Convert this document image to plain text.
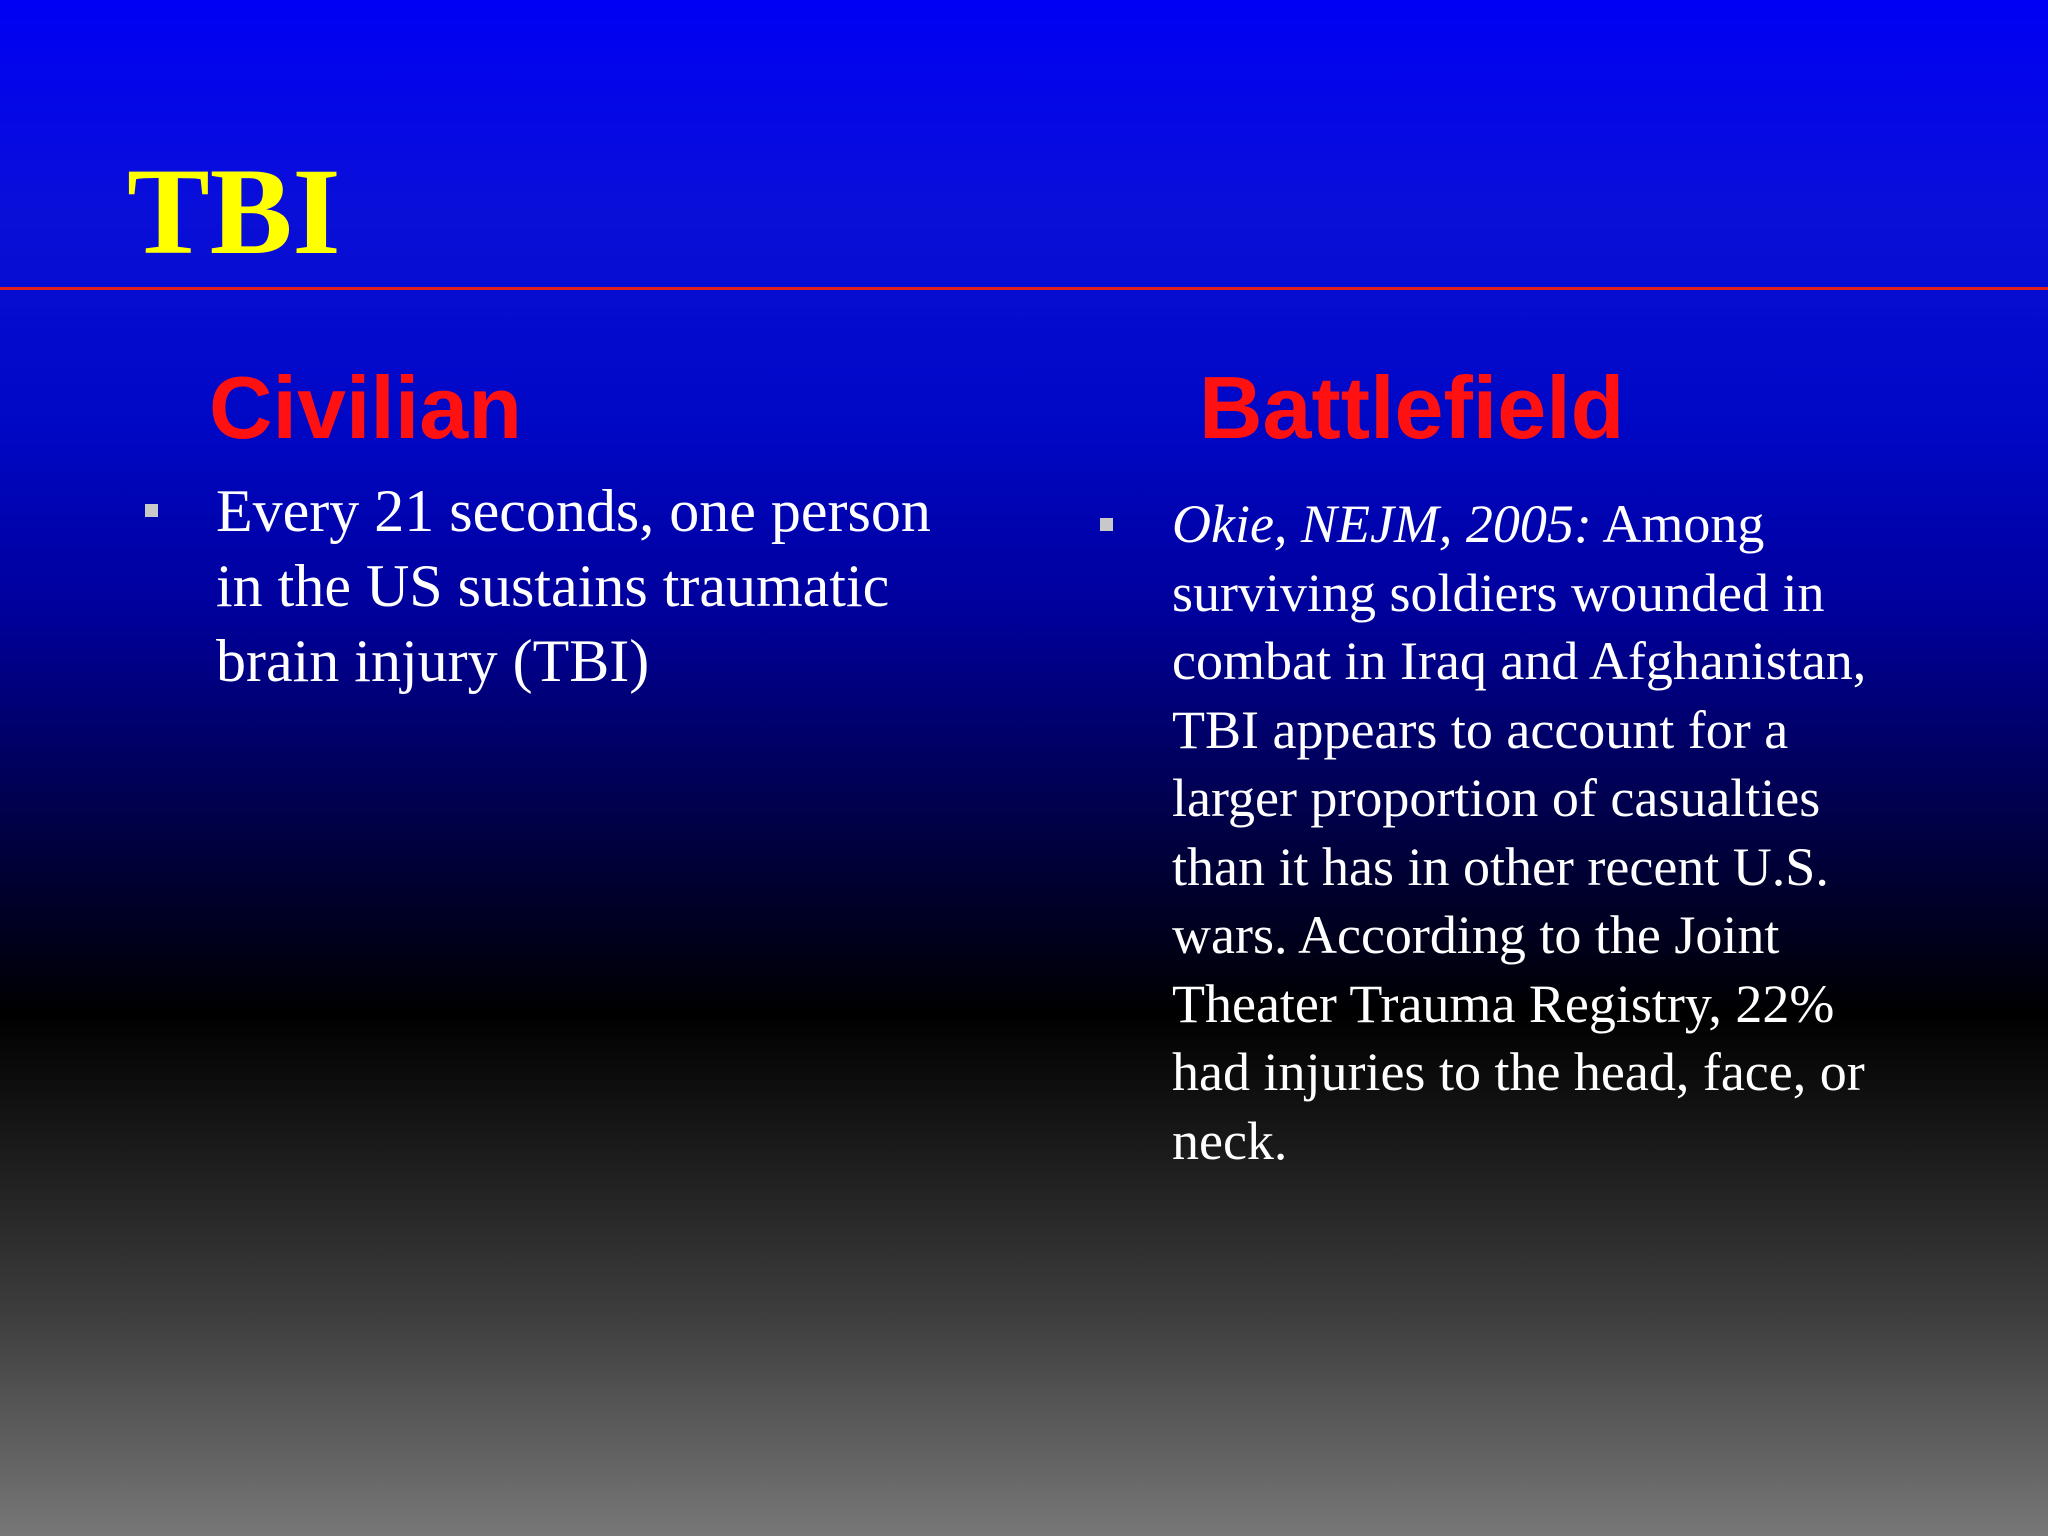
TBI
Civilian

Every 21 seconds, one person
in the US sustains traumatic
brain injury (TBI)

Battlefield

Okie, NEJM, 2005: Among
surviving soldiers wounded in
combat in Iraq and Afghanistan,
TBI appears to account for a
larger proportion of casualties
than it has in other recent U.S.
wars. According to the Joint
Theater Trauma Registry, 22%
had injuries to the head, face, or
neck.
